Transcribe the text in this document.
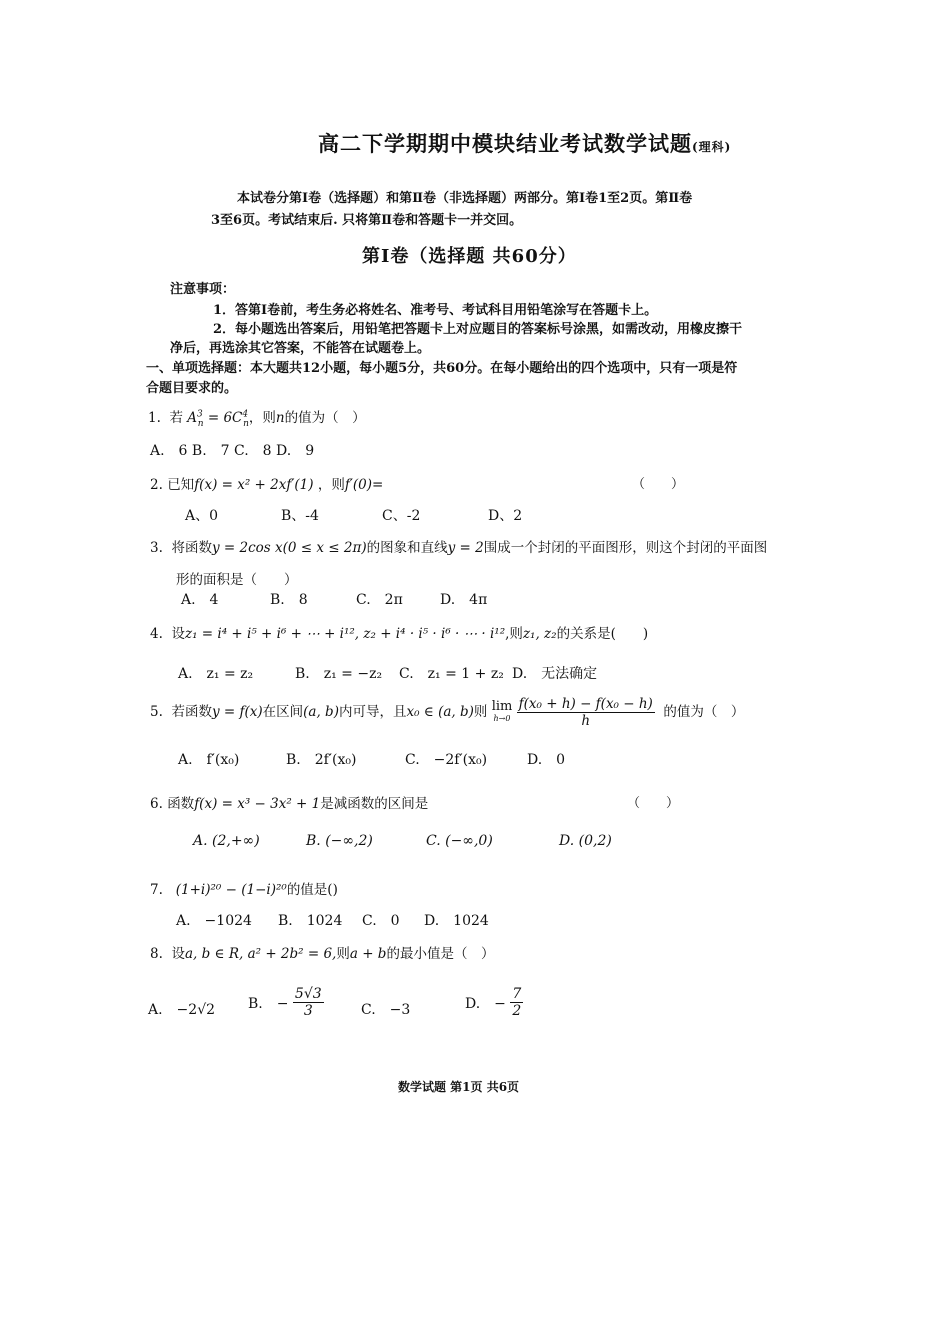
高二下学期期中模块结业考试数学试题(理科)
本试卷分第Ⅰ卷（选择题）和第Ⅱ卷（非选择题）两部分。第Ⅰ卷1至2页。第Ⅱ卷
3至6页。考试结束后. 只将第Ⅱ卷和答题卡一并交回。
第Ⅰ卷（选择题 共60分）
注意事项：
1．答第Ⅰ卷前，考生务必将姓名、准考号、考试科目用铅笔涂写在答题卡上。
2．每小题选出答案后，用铅笔把答题卡上对应题目的答案标号涂黑，如需改动，用橡皮擦干
净后，再选涂其它答案，不能答在试题卷上。
一、单项选择题：本大题共12小题，每小题5分，共60分。在每小题给出的四个选项中，只有一项是符
合题目要求的。
1. 若 $A^3_n = 6C^4_n$，则n的值为（　）
A.　6 B.　7 C.　8 D.　9
2. 已知f(x) = x² + 2xf′(1) ，则f′(0)=	（　　）
A、0	B、-4	C、-2	D、2
3. 将函数y = 2cos x(0 ≤ x ≤ 2π)的图象和直线y = 2围成一个封闭的平面图形，则这个封闭的平面图
形的面积是（　　）
A.　4	B.　8	C.　2π	D.　4π
4. 设z₁ = i⁴ + i⁵ + i⁶ + ⋯ + i¹², z₂ + i⁴ · i⁵ · i⁶ · ⋯ · i¹²,则z₁, z₂的关系是(　　)
A.　z₁ = z₂	B.　z₁ = −z₂ C.　z₁ = 1 + z₂ D.　无法确定
5. 若函数y = f(x)在区间(a, b)内可导，且x₀ ∈ (a, b)则 lim
h→0
$\frac{\text{f(x₀ + h) − f(x₀ − h)}}{h}$ 的值为（　）
A.　f′(x₀)	B.　2f′(x₀)	C.　−2f′(x₀)	D.　0
6. 函数f(x) = x³ − 3x² + 1是减函数的区间是	（　　）
A. (2,+∞)	B. (−∞,2)	C. (−∞,0)	D. (0,2)
7. (1+i)²⁰ − (1−i)²⁰的值是()
A.　−1024 B.　1024 C.　0 D.　1024
8. 设a, b ∈ R, a² + 2b² = 6,则a + b的最小值是（　）
A.　−2√2 B.　− $\frac{5√3}{3}$	C.　−3	D.　− $\frac{7}{2}$
数学试题 第1页 共6页
